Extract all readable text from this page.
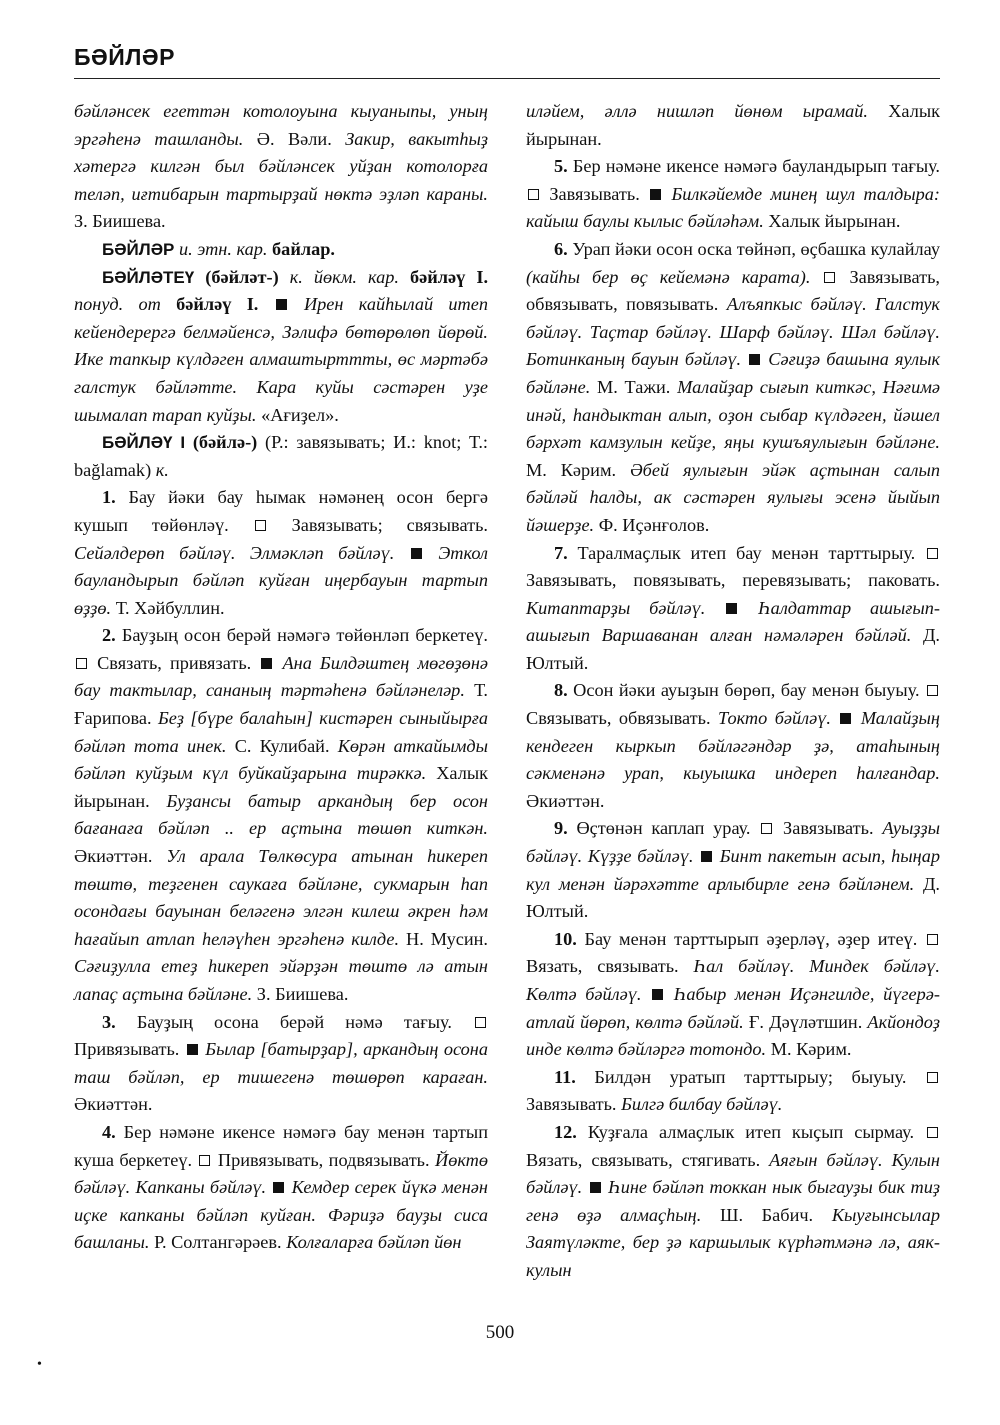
БӘЙЛӘР

бәйләнсек егеттән котолоуына кыуаныпы, уның эргәһенә ташланды. Ә. Вәли. Закир, вакытһыҙ хәтергә килгән был бәйләнсек уйҙан котолорға теләп, иғтибарын тартырҙай нөктә эҙләп караны. З. Биишева.

БӘЙЛӘР и. этн. кар. байлар.

БӘЙЛӘТЕҮ (бәйләт-) к. йөкм. кар. бәйләү I. понуд. от бәйләү I. Ирен кайһылай итеп кейендерергә белмәйенсә, Зәлифә бөтөрөлөп йөрөй. Ике тапкыр күлдәген алмаштырттты, өс мәртәбә галстук бәйләтте. Кара куйы сәстәрен уҙе шымалап тарап куйҙы. «Ағиҙел».

БӘЙЛӘҮ I (бәйлә-) (Р.: завязывать; И.: knot; Т.: bağlamak) к.

1. Бау йәки бау һымак нәмәнең осон бергә кушып төйөнләү.	Завязывать; связывать. Сейәлдерөп бәйләү. Элмәкләп бәйләү. Эткол бауландырып бәйләп куйған иңербауын тартып өҙҙө. Т. Хәйбуллин.

2. Бауҙың осон берәй нәмәгә төйөнләп беркетеү.  Связать, привязать. Ана Билдәштең мөгөҙөнә бау тактылар, сананың тәртәһенә бәйләнеләр. Т. Ғарипова. Беҙ [бүре балаһын] кистәрен сыныйырға бәйләп тота инек. С. Кулибай. Көрән аткайымды бәйләп куйҙым күл буйкайҙарына тирәккә. Халык йырынан. Буҙансы батыр аркандың бер осон бағанаға бәйләп .. ер аҫтына төшөп киткән. Әкиәттән. Ул арала Төлкөсура атынан һикереп төштө, теҙгенен саукаға бәйләне, сукмарын һап осондағы бауынан беләгенә элгән килеш әкрен һәм һағайып атлап һеләүһен эргәһенә килде. Н. Мусин. Сәғиҙулла етеҙ һикереп эйәрҙән төштө лә атын лапаҫ аҫтына бәйләне. З. Биишева.

3. Бауҙың осона берәй нәмә тағыу.  Привязывать. Былар [батырҙар], аркандың осона таш бәйләп, ер тишегенә төшөрөп караған. Әкиәттән.

4. Бер нәмәне икенсе нәмәгә бау менән тартып куша беркетеү. Привязывать, подвязывать. Йөктө бәйләү. Капканы бәйләү. Кемдер серек йүкә менән иҫке капканы бәйләп куйған. Фәриҙә бауҙы сиса башланы. Р. Солтангәрәев. Колғаларға бәйләп йөн

иләйем, әллә нишләп йөнөм ырамай. Халык йырынан.

5. Бер нәмәне икенсе нәмәгә бауландырып тағыу.  Завязывать. Билкәйемде минең шул талдыра: кайыш баулы кылыс бәйләһәм. Халык йырынан.

6. Урап йәки осон оскa төйнәп, өҫбашка кулайлау (кайһы бер өҫ кейемәнә карата). Завязывать, обвязывать, повязывать. Алъяпкыс бәйләү. Галстук бәйләү. Таҫтар бәйләү. Шарф бәйләү. Шәл бәйләү. Ботинканың бауын бәйләү. Сәғиҙә башына яулык бәйләне. М. Тажи. Малайҙар сығып киткәс, Нәғимә инәй, һандыктан алып, оҙон сыбар күлдәген, йәшел бәрхәт камзулын кейҙе, яңы кушъяулығын бәйләне. М. Кәрим. Әбей яулығын эйәк аҫтынан салып бәйләй һалды, ак сәстәрен яулығы эсенә йыйып йәшерҙе. Ф. Иҫәнғолов.

7. Таралмаҫлык итеп бау менән тарттырыу.  Завязывать, повязывать, перевязывать; паковать. Китаптарҙы бәйләү.	Һалдаттар ашығып-ашығып Варшаванан алған нәмәләрен бәйләй. Д. Юлтый.

8. Осон йәки ауыҙын бөрөп, бау менән быуыу.  Связывать, обвязывать. Токто бәйләү. Малайҙың кендеген кыркып бәйләгәндәр ҙә, атаһының сәкменәнә урап, кыуышка индереп һалғандар. Әкиәттән.

9. Өҫтөнән каплап урау. Завязывать. Ауыҙҙы бәйләү. Күҙҙе бәйләү. Бинт пакетын асып, һыңар кул менән йәрәхәтте арлыбирле генә бәйләнем. Д. Юлтый.

10. Бау менән тарттырып әҙерләү, әҙер итеү.  Вязать, связывать. Һал бәйләү. Миндек бәйләү. Көлтә бәйләү. Һабыр менән Иҫәнгилде, йүгерә-атлай йөрөп, көлтә бәйләй. Ғ. Дәүләтшин. Акйондоҙ инде көлтә бәйләргә тотондо. М. Кәрим.

11. Билдән уратып тарттырыу; быуыу.  Завязывать. Билгә билбау бәйләү.

12. Куҙғала алмаҫлык итеп кыҫып сырмау.  Вязать, связывать, стягивать. Аяғын бәйләү. Кулын бәйләү. Һине бәйләп токкан нык быгауҙы бик тиҙ генә өҙә алмаҫһың. Ш. Бабич. Кыуғынсылар Заятүләкте, бер ҙә каршылык күрһәтмәнә лә, аяк-кулын

500
•
